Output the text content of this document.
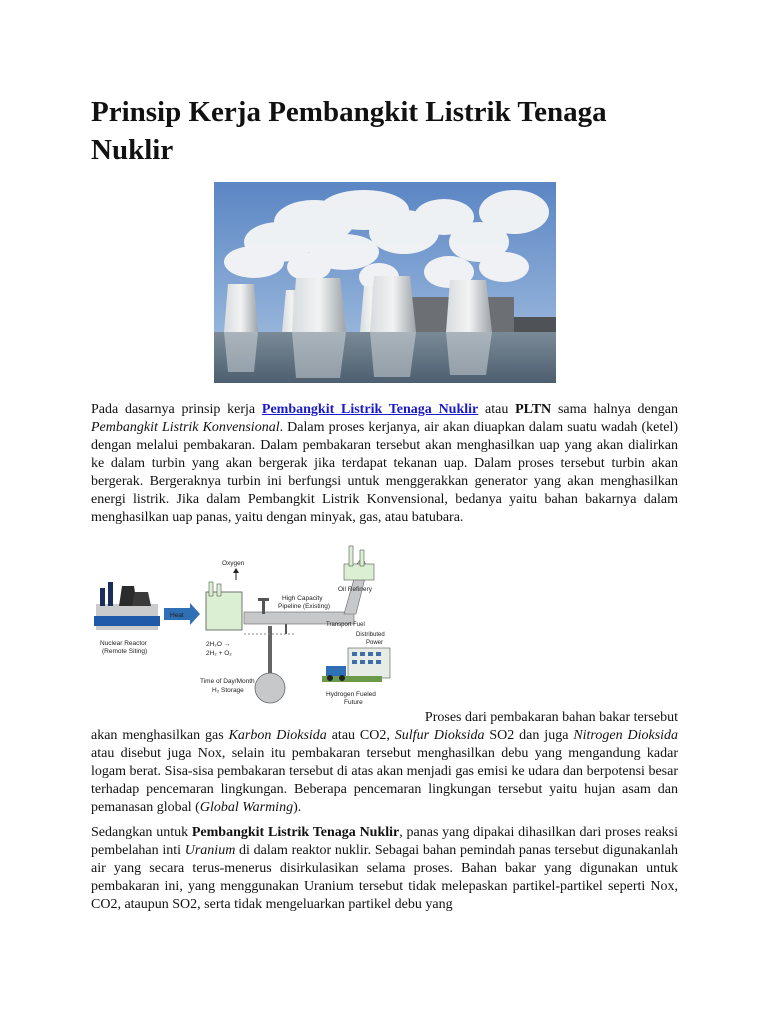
Prinsip Kerja Pembangkit Listrik Tenaga Nuklir

Pada dasarnya prinsip kerja Pembangkit Listrik Tenaga Nuklir atau PLTN sama halnya dengan Pembangkit Listrik Konvensional. Dalam proses kerjanya, air akan diuapkan dalam suatu wadah (ketel) dengan melalui pembakaran. Dalam pembakaran tersebut akan menghasilkan uap yang akan dialirkan ke dalam turbin yang akan bergerak jika terdapat tekanan uap. Dalam proses tersebut turbin akan bergerak. Bergeraknya turbin ini berfungsi untuk menggerakkan generator yang akan menghasilkan energi listrik. Jika dalam Pembangkit Listrik Konvensional, bedanya yaitu bahan bakarnya dalam menghasilkan uap panas, yaitu dengan minyak, gas, atau batubara.

Nuclear Reactor
(Remote Siting)
Heat
Oxygen
2H₂O →
2H₂ + O₂
High Capacity
Pipeline (Existing)
Oil Refinery
Time of Day/Month
H₂ Storage
Transport Fuel
Distributed
Power
Hydrogen Fueled
Future
Proses dari pembakaran bahan bakar tersebut

akan menghasilkan gas Karbon Dioksida atau CO2, Sulfur Dioksida SO2 dan juga Nitrogen Dioksida atau disebut juga Nox, selain itu pembakaran tersebut menghasilkan debu yang mengandung kadar logam berat. Sisa-sisa pembakaran tersebut di atas akan menjadi gas emisi ke udara dan berpotensi besar terhadap pencemaran lingkungan. Beberapa pencemaran lingkungan tersebut yaitu hujan asam dan pemanasan global (Global Warming).

Sedangkan untuk Pembangkit Listrik Tenaga Nuklir, panas yang dipakai dihasilkan dari proses reaksi pembelahan inti Uranium di dalam reaktor nuklir. Sebagai bahan pemindah panas tersebut digunakanlah air yang secara terus-menerus disirkulasikan selama proses. Bahan bakar yang digunakan untuk pembakaran ini, yang menggunakan Uranium tersebut tidak melepaskan partikel-partikel seperti Nox, CO2, ataupun SO2, serta tidak mengeluarkan partikel debu yang
